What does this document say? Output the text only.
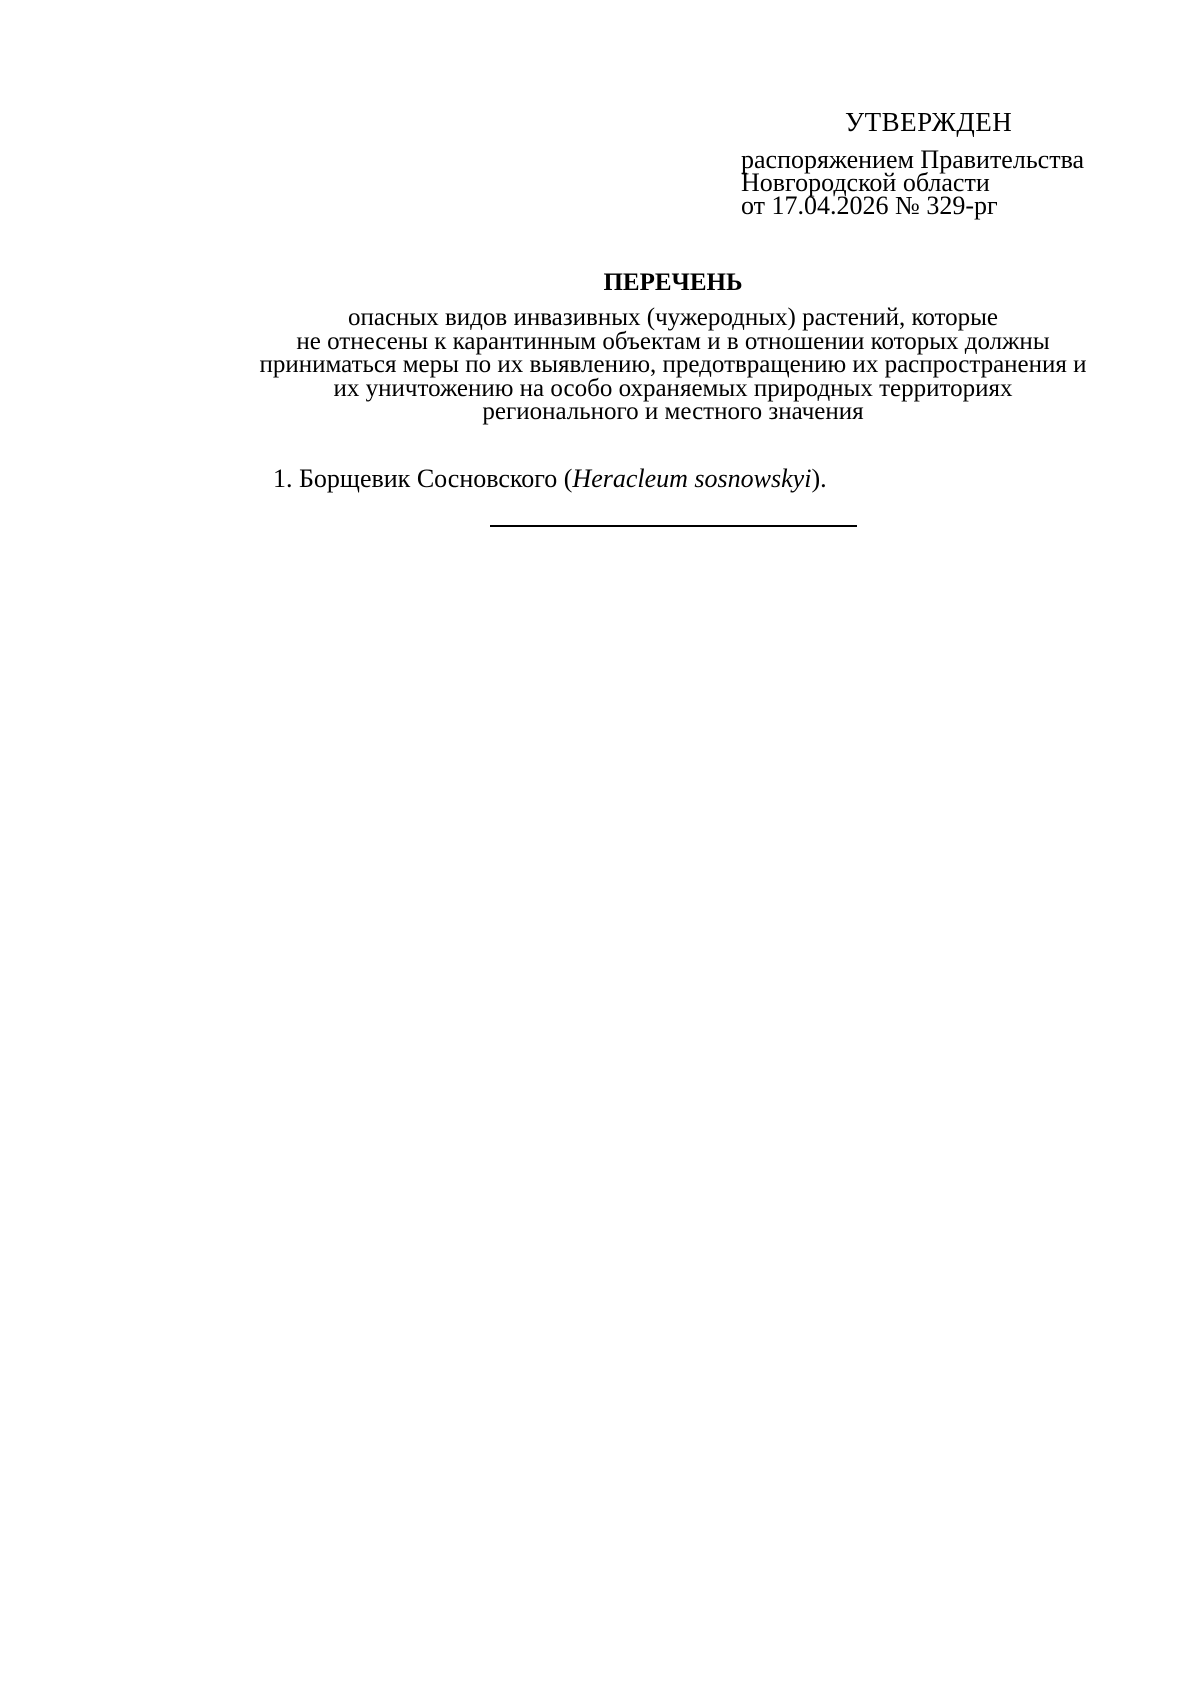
УТВЕРЖДЕН
распоряжением Правительства
Новгородской области
от 17.04.2026 № 329-рг
ПЕРЕЧЕНЬ
опасных видов инвазивных (чужеродных) растений, которые
не отнесены к карантинным объектам и в отношении которых должны
приниматься меры по их выявлению, предотвращению их распространения и
их уничтожению на особо охраняемых природных территориях
регионального и местного значения
1. Борщевик Сосновского (Heracleum sosnowskyi).
